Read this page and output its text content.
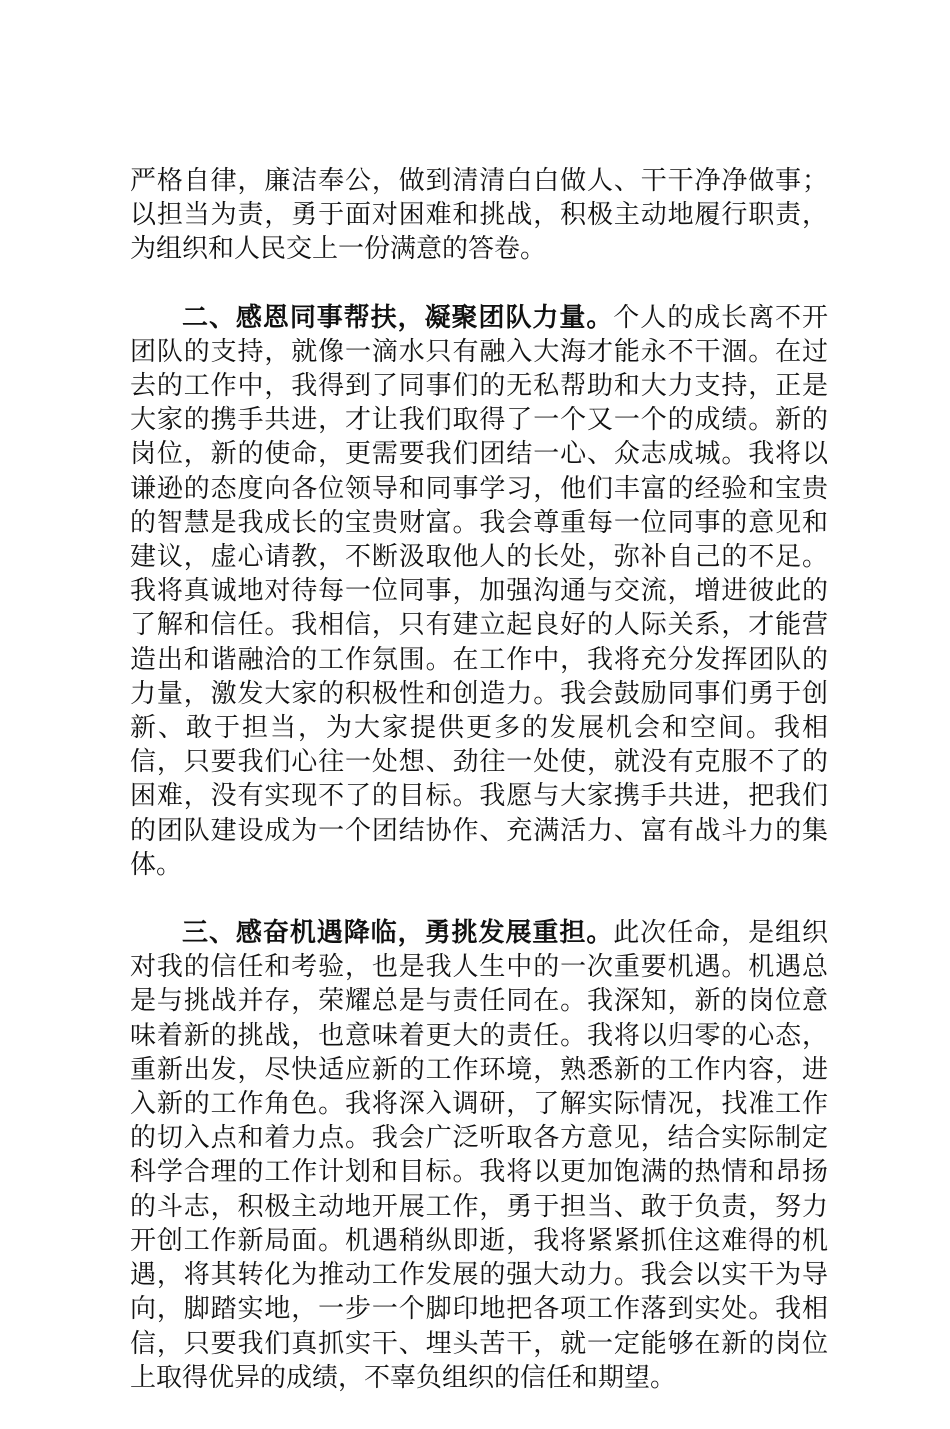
严格自律，廉洁奉公，做到清清白白做人、干干净净做事；以担当为责，勇于面对困难和挑战，积极主动地履行职责，为组织和人民交上一份满意的答卷。

二、感恩同事帮扶，凝聚团队力量。个人的成长离不开团队的支持，就像一滴水只有融入大海才能永不干涸。在过去的工作中，我得到了同事们的无私帮助和大力支持，正是大家的携手共进，才让我们取得了一个又一个的成绩。新的岗位，新的使命，更需要我们团结一心、众志成城。我将以谦逊的态度向各位领导和同事学习，他们丰富的经验和宝贵的智慧是我成长的宝贵财富。我会尊重每一位同事的意见和建议，虚心请教，不断汲取他人的长处，弥补自己的不足。我将真诚地对待每一位同事，加强沟通与交流，增进彼此的了解和信任。我相信，只有建立起良好的人际关系，才能营造出和谐融洽的工作氛围。在工作中，我将充分发挥团队的力量，激发大家的积极性和创造力。我会鼓励同事们勇于创新、敢于担当，为大家提供更多的发展机会和空间。我相信，只要我们心往一处想、劲往一处使，就没有克服不了的困难，没有实现不了的目标。我愿与大家携手共进，把我们的团队建设成为一个团结协作、充满活力、富有战斗力的集体。

三、感奋机遇降临，勇挑发展重担。此次任命，是组织对我的信任和考验，也是我人生中的一次重要机遇。机遇总是与挑战并存，荣耀总是与责任同在。我深知，新的岗位意味着新的挑战，也意味着更大的责任。我将以归零的心态，重新出发，尽快适应新的工作环境，熟悉新的工作内容，进入新的工作角色。我将深入调研，了解实际情况，找准工作的切入点和着力点。我会广泛听取各方意见，结合实际制定科学合理的工作计划和目标。我将以更加饱满的热情和昂扬的斗志，积极主动地开展工作，勇于担当、敢于负责，努力开创工作新局面。机遇稍纵即逝，我将紧紧抓住这难得的机遇，将其转化为推动工作发展的强大动力。我会以实干为导向，脚踏实地，一步一个脚印地把各项工作落到实处。我相信，只要我们真抓实干、埋头苦干，就一定能够在新的岗位上取得优异的成绩，不辜负组织的信任和期望。
